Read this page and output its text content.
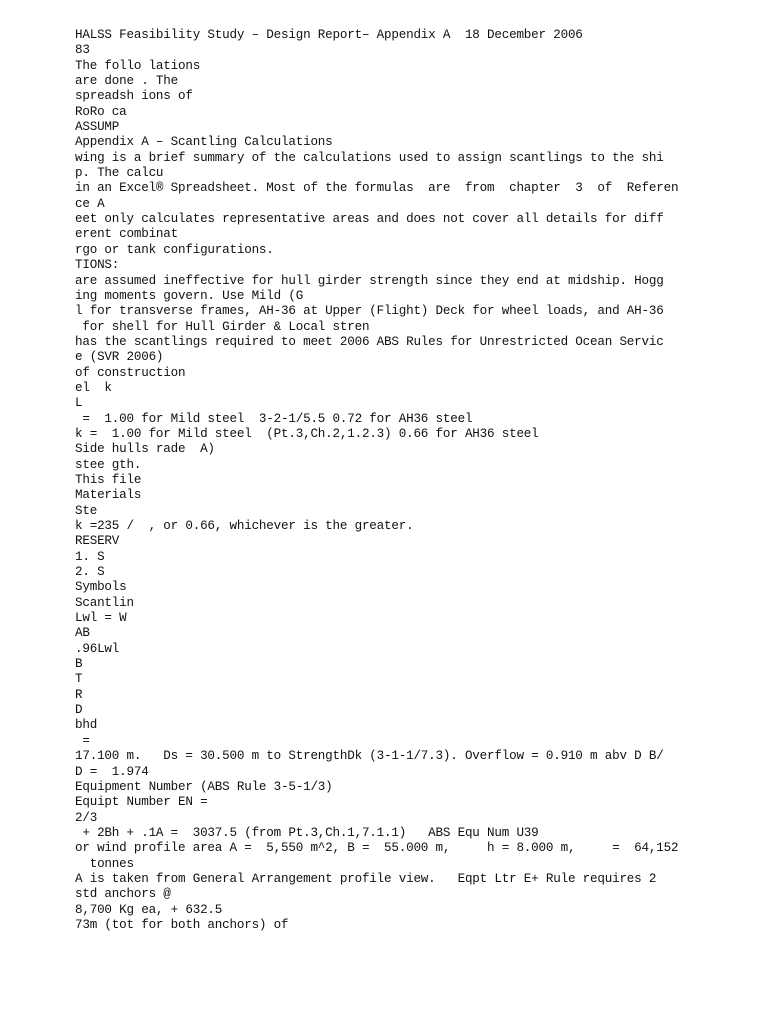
HALSS Feasibility Study – Design Report– Appendix A  18 December 2006
83
The follo lations
are done . The
spreadsh ions of
RoRo ca
ASSUMP
Appendix A – Scantling Calculations
wing is a brief summary of the calculations used to assign scantlings to the shi
p. The calcu
in an Excel® Spreadsheet. Most of the formulas  are  from  chapter  3  of  Referen
ce A
eet only calculates representative areas and does not cover all details for diff
erent combinat
rgo or tank configurations.
TIONS:
are assumed ineffective for hull girder strength since they end at midship. Hogg
ing moments govern. Use Mild (G
l for transverse frames, AH-36 at Upper (Flight) Deck for wheel loads, and AH-36
for shell for Hull Girder & Local stren
has the scantlings required to meet 2006 ABS Rules for Unrestricted Ocean Servic
e (SVR 2006)
of construction
el  k
L
=  1.00 for Mild steel  3-2-1/5.5 0.72 for AH36 steel
k =  1.00 for Mild steel  (Pt.3,Ch.2,1.2.3) 0.66 for AH36 steel
Side hulls rade  A)
stee gth.
This file
Materials
Ste
k =235 /  , or 0.66, whichever is the greater.
RESERV
1. S
2. S
Symbols
Scantlin
Lwl = W
AB
.96Lwl
B
T
R
D
bhd
=
17.100 m.   Ds = 30.500 m to StrengthDk (3-1-1/7.3). Overflow = 0.910 m abv D B/
D =  1.974
Equipment Number (ABS Rule 3-5-1/3)
Equipt Number EN =
2/3
+ 2Bh + .1A =  3037.5 (from Pt.3,Ch.1,7.1.1)   ABS Equ Num U39
or wind profile area A =  5,550 m^2, B =  55.000 m,     h = 8.000 m,     =  64,152
tonnes
A is taken from General Arrangement profile view.   Eqpt Ltr E+ Rule requires 2
std anchors @
8,700 Kg ea, + 632.5
73m (tot for both anchors) of
